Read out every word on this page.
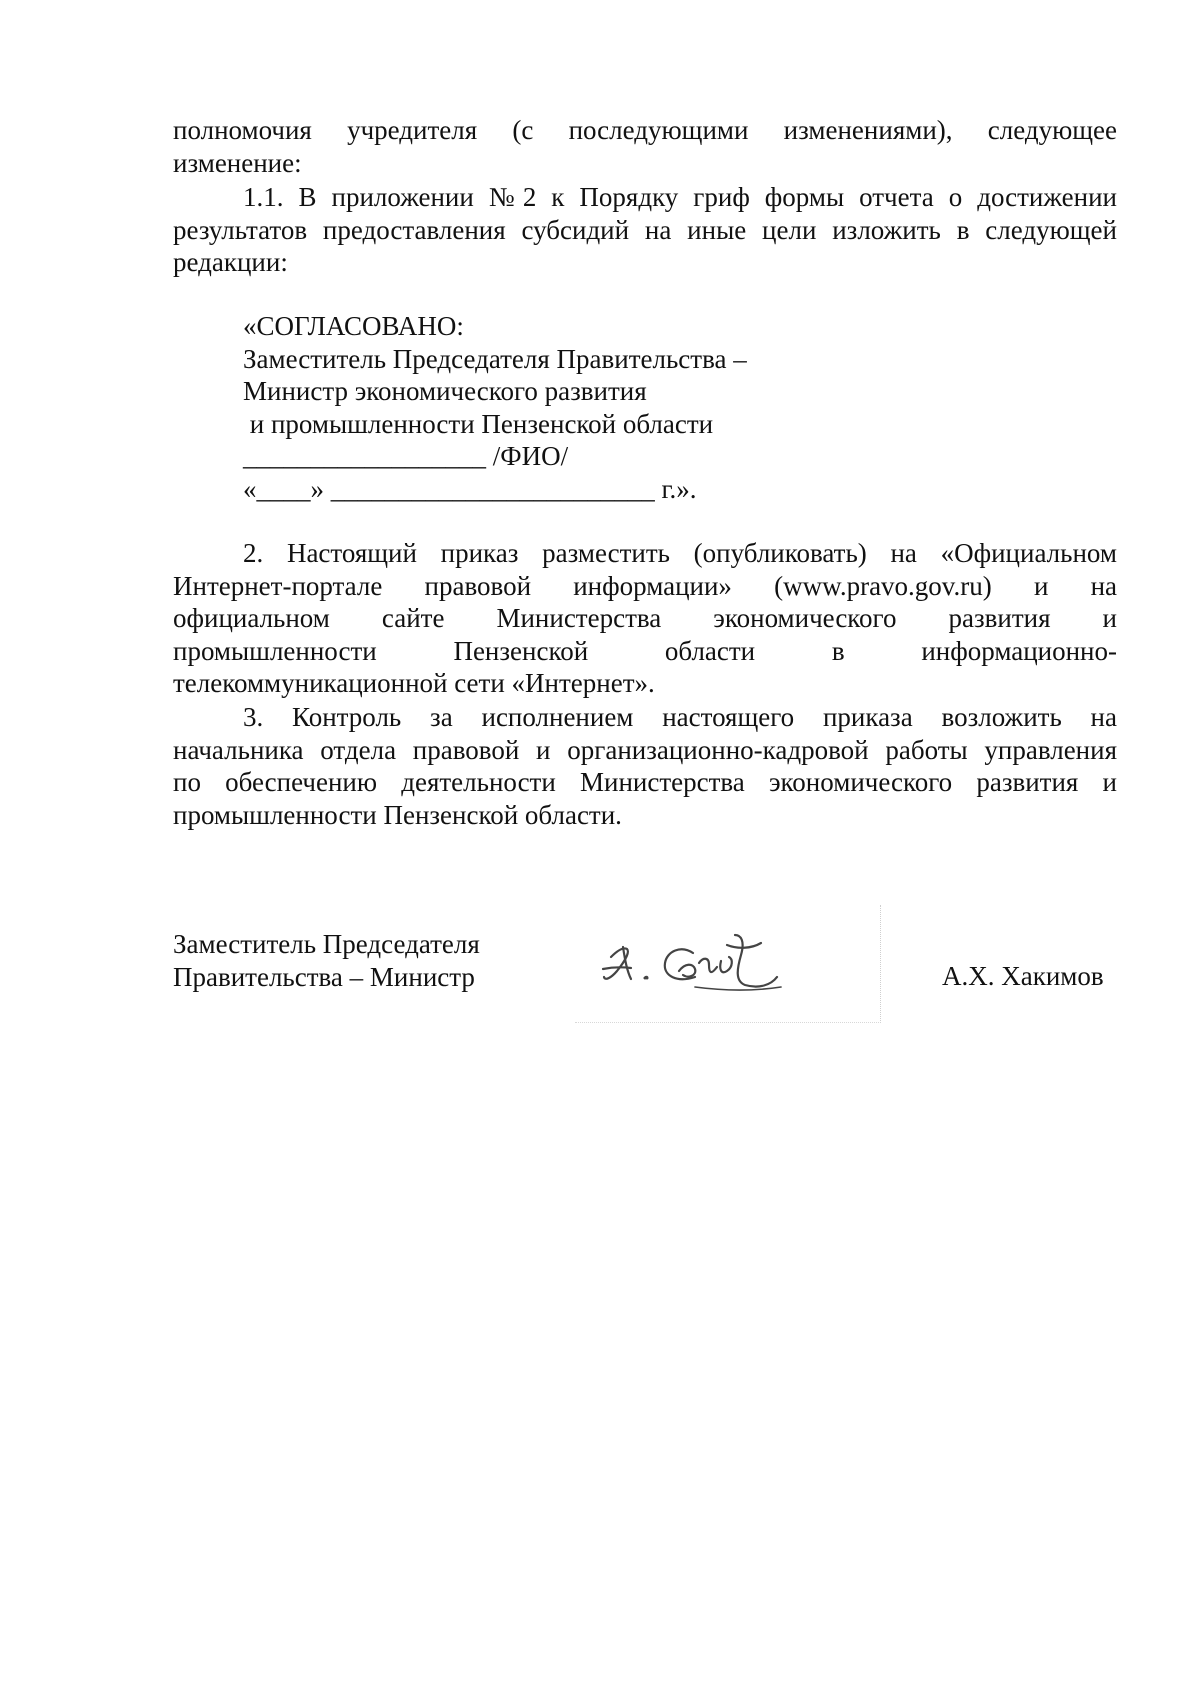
полномочия учредителя (с последующими изменениями), следующее
изменение:
1.1. В приложении №2 к Порядку гриф формы отчета о достижении
результатов предоставления субсидий на иные цели изложить в следующей
редакции:
«СОГЛАСОВАНО:
Заместитель Председателя Правительства –
Министр экономического развития
и промышленности Пензенской области
__________________ /ФИО/
«____» ________________________ г.».
2. Настоящий приказ разместить (опубликовать) на «Официальном
Интернет-портале правовой информации» (www.pravo.gov.ru) и на
официальном сайте Министерства экономического развития и
промышленности Пензенской области в информационно-
телекоммуникационной сети «Интернет».
3. Контроль за исполнением настоящего приказа возложить на
начальника отдела правовой и организационно-кадровой работы управления
по обеспечению деятельности Министерства экономического развития и
промышленности Пензенской области.
Заместитель Председателя
Правительства – Министр	А.Х. Хакимов
